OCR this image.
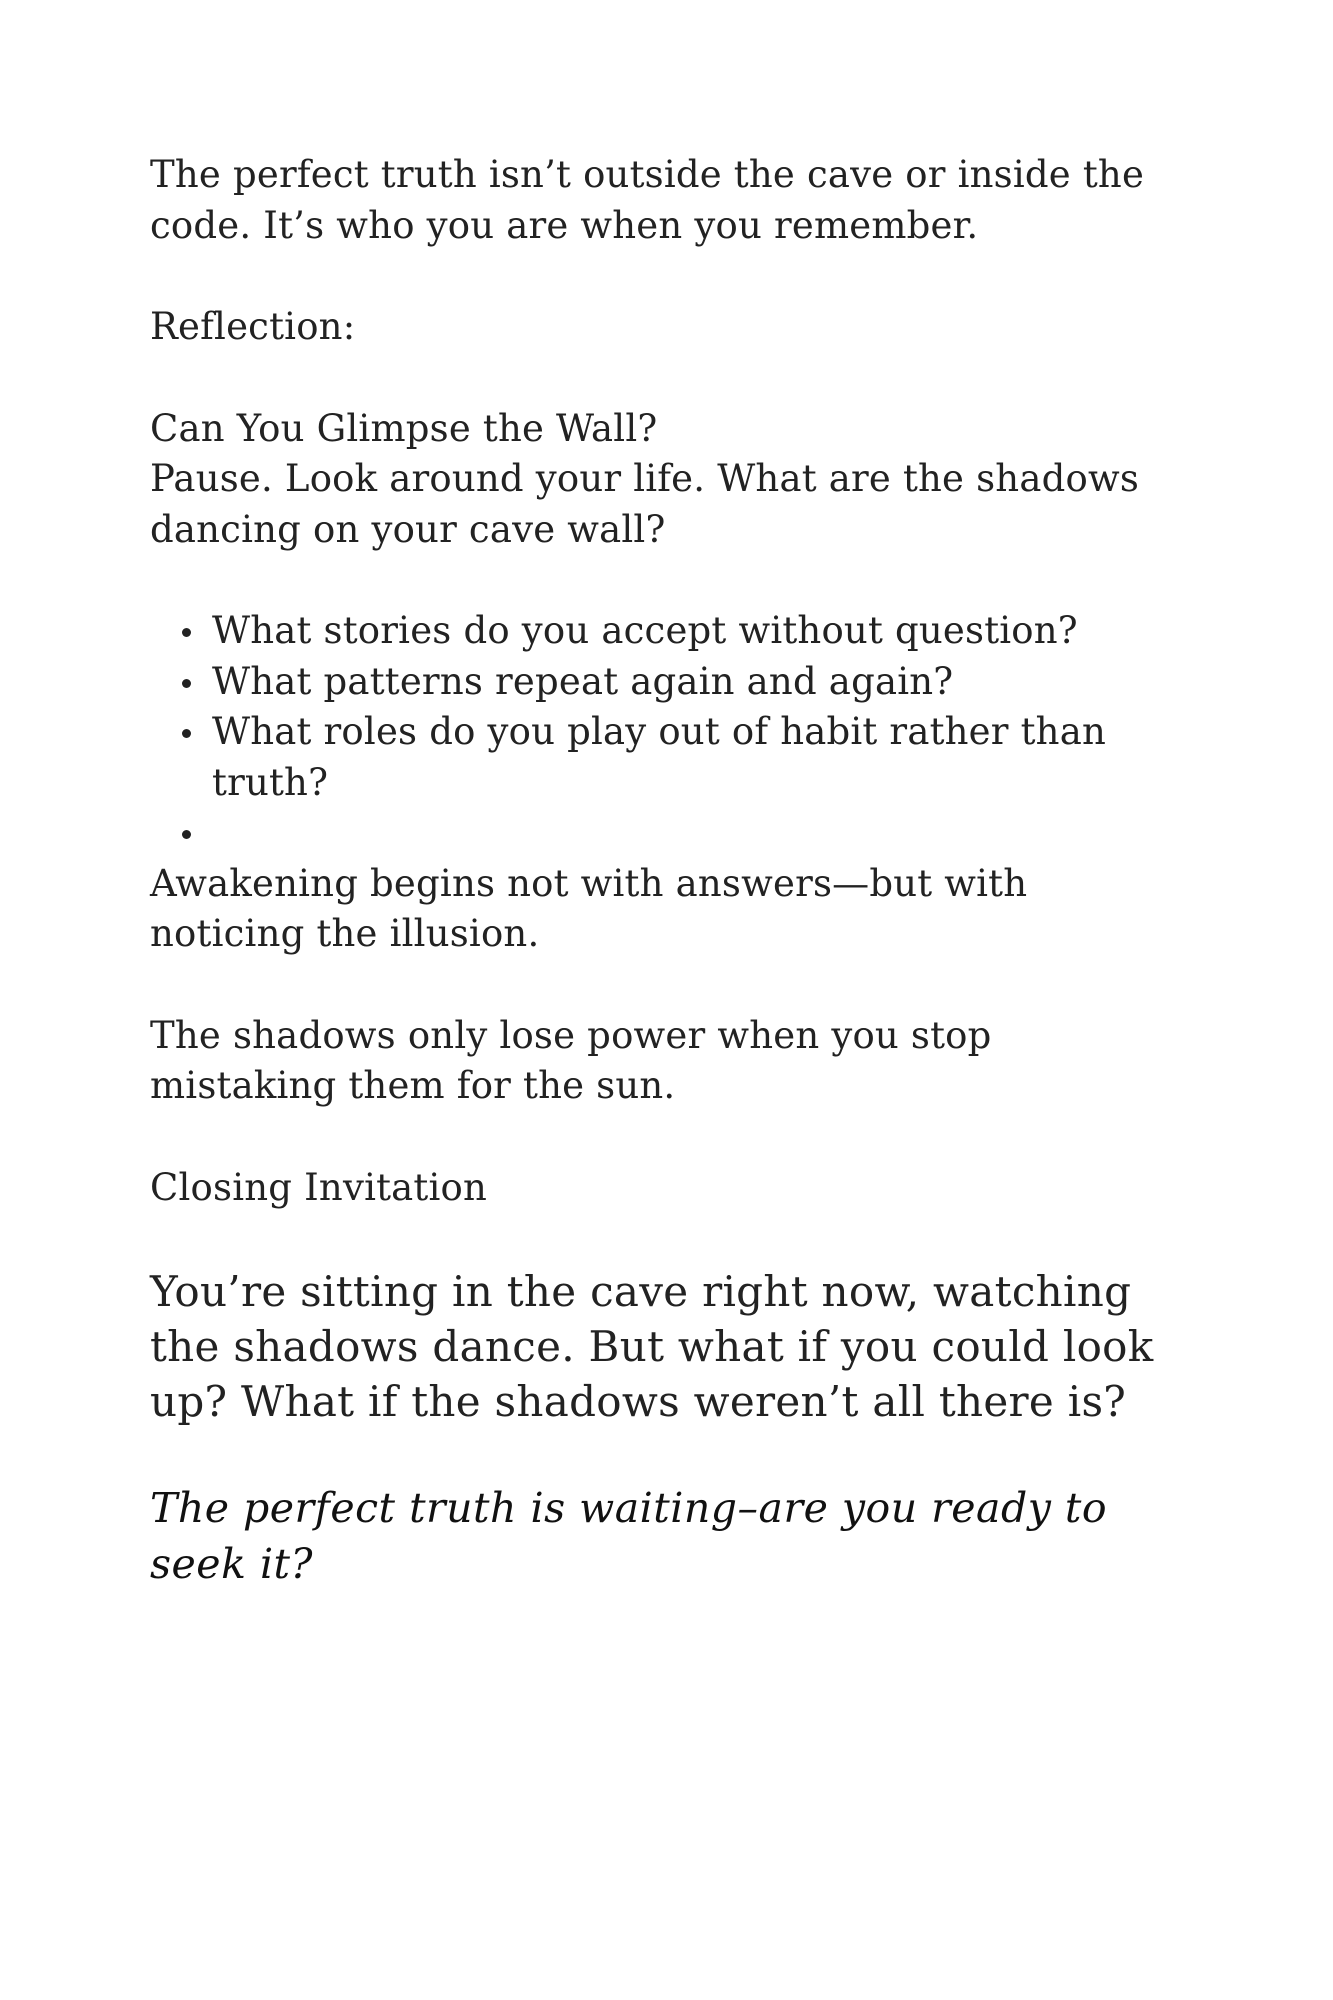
The perfect truth isn’t outside the cave or inside the code. It’s who you are when you remember.

Reflection:

Can You Glimpse the Wall?

Pause. Look around your life. What are the shadows dancing on your cave wall?

What stories do you accept without question?
What patterns repeat again and again?
What roles do you play out of habit rather than truth?

Awakening begins not with answers—but with noticing the illusion.

The shadows only lose power when you stop mistaking them for the sun.

Closing Invitation

You’re sitting in the cave right now, watching the shadows dance. But what if you could look up? What if the shadows weren’t all there is?

The perfect truth is waiting–are you ready to seek it?
